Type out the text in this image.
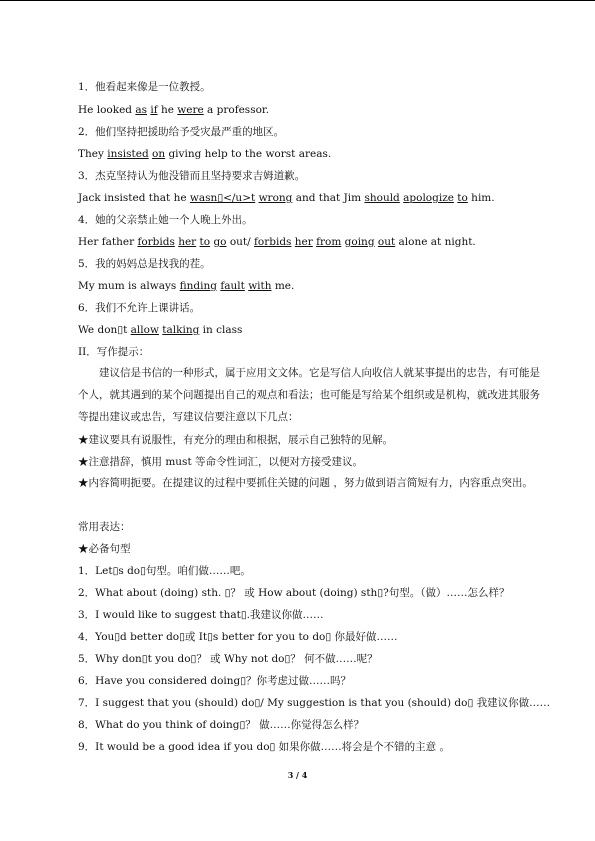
1．他看起来像是一位教授。
He looked as if he were a professor.
2．他们坚持把援助给予受灾最严重的地区。
They insisted on giving help to the worst areas.
3．杰克坚持认为他没错而且坚持要求吉姆道歉。
Jack insisted that he wasn▯</u>t wrong and that Jim should apologize to him.
4．她的父亲禁止她一个人晚上外出。
Her father forbids her to go out/ forbids her from going out alone at night.
5．我的妈妈总是找我的茬。
My mum is always finding fault with me.
6．我们不允许上课讲话。
We don▯t allow talking in class
II．写作提示：
建议信是书信的一种形式，属于应用文文体。它是写信人向收信人就某事提出的忠告，有可能是个人，就其遇到的某个问题提出自己的观点和看法；也可能是写给某个组织或是机构，就改进其服务等提出建议或忠告，写建议信要注意以下几点：
★建议要具有说服性，有充分的理由和根据，展示自己独特的见解。
★注意措辞，慎用 must 等命令性词汇，以便对方接受建议。
★内容简明扼要。在提建议的过程中要抓住关键的问题 ，努力做到语言简短有力，内容重点突出。
常用表达：
★必备句型
1．Let▯s do▯句型。咱们做……吧。
2．What about (doing) sth. ▯？ 或 How about (doing) sth▯?句型。（做）……怎么样？
3．I would like to suggest that▯.我建议你做……
4．You▯d better do▯或 It▯s better for you to do▯ 你最好做……
5．Why don▯t you do▯？ 或 Why not do▯？ 何不做……呢？
6．Have you considered doing▯？你考虑过做……吗？
7．I suggest that you (should) do▯/ My suggestion is that you (should) do▯ 我建议你做……
8．What do you think of doing▯？ 做……你觉得怎么样？
9．It would be a good idea if you do▯ 如果你做……将会是个不错的主意 。
3 / 4
